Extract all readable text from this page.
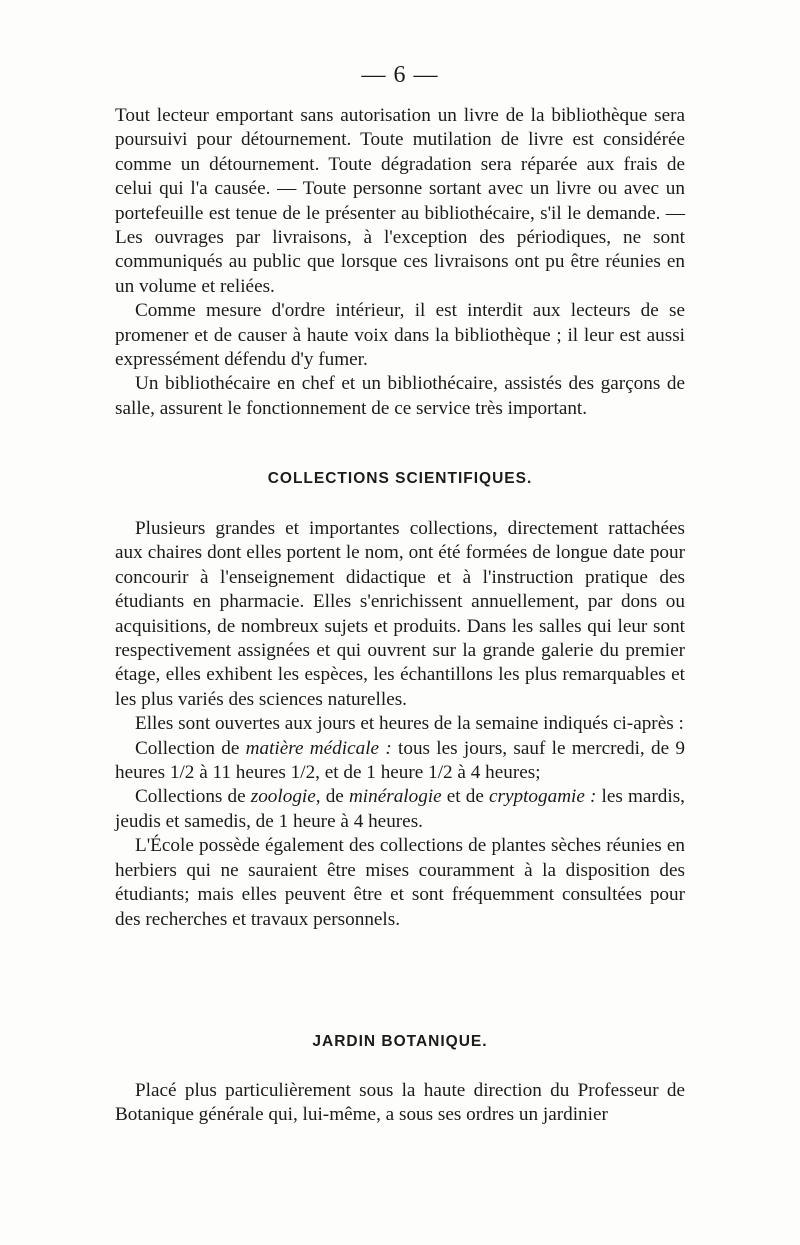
— 6 —

Tout lecteur emportant sans autorisation un livre de la bibliothèque sera poursuivi pour détournement. Toute mutilation de livre est considérée comme un détournement. Toute dégradation sera réparée aux frais de celui qui l'a causée. — Toute personne sortant avec un livre ou avec un portefeuille est tenue de le présenter au bibliothécaire, s'il le demande. — Les ouvrages par livraisons, à l'exception des périodiques, ne sont communiqués au public que lorsque ces livraisons ont pu être réunies en un volume et reliées.

Comme mesure d'ordre intérieur, il est interdit aux lecteurs de se promener et de causer à haute voix dans la bibliothèque ; il leur est aussi expressément défendu d'y fumer.

Un bibliothécaire en chef et un bibliothécaire, assistés des garçons de salle, assurent le fonctionnement de ce service très important.

COLLECTIONS SCIENTIFIQUES.

Plusieurs grandes et importantes collections, directement rattachées aux chaires dont elles portent le nom, ont été formées de longue date pour concourir à l'enseignement didactique et à l'instruction pratique des étudiants en pharmacie. Elles s'enrichissent annuellement, par dons ou acquisitions, de nombreux sujets et produits. Dans les salles qui leur sont respectivement assignées et qui ouvrent sur la grande galerie du premier étage, elles exhibent les espèces, les échantillons les plus remarquables et les plus variés des sciences naturelles.

Elles sont ouvertes aux jours et heures de la semaine indiqués ci-après :

Collection de matière médicale : tous les jours, sauf le mercredi, de 9 heures 1/2 à 11 heures 1/2, et de 1 heure 1/2 à 4 heures;

Collections de zoologie, de minéralogie et de cryptogamie : les mardis, jeudis et samedis, de 1 heure à 4 heures.

L'École possède également des collections de plantes sèches réunies en herbiers qui ne sauraient être mises couramment à la disposition des étudiants; mais elles peuvent être et sont fréquemment consultées pour des recherches et travaux personnels.

JARDIN BOTANIQUE.

Placé plus particulièrement sous la haute direction du Professeur de Botanique générale qui, lui-même, a sous ses ordres un jardinier
